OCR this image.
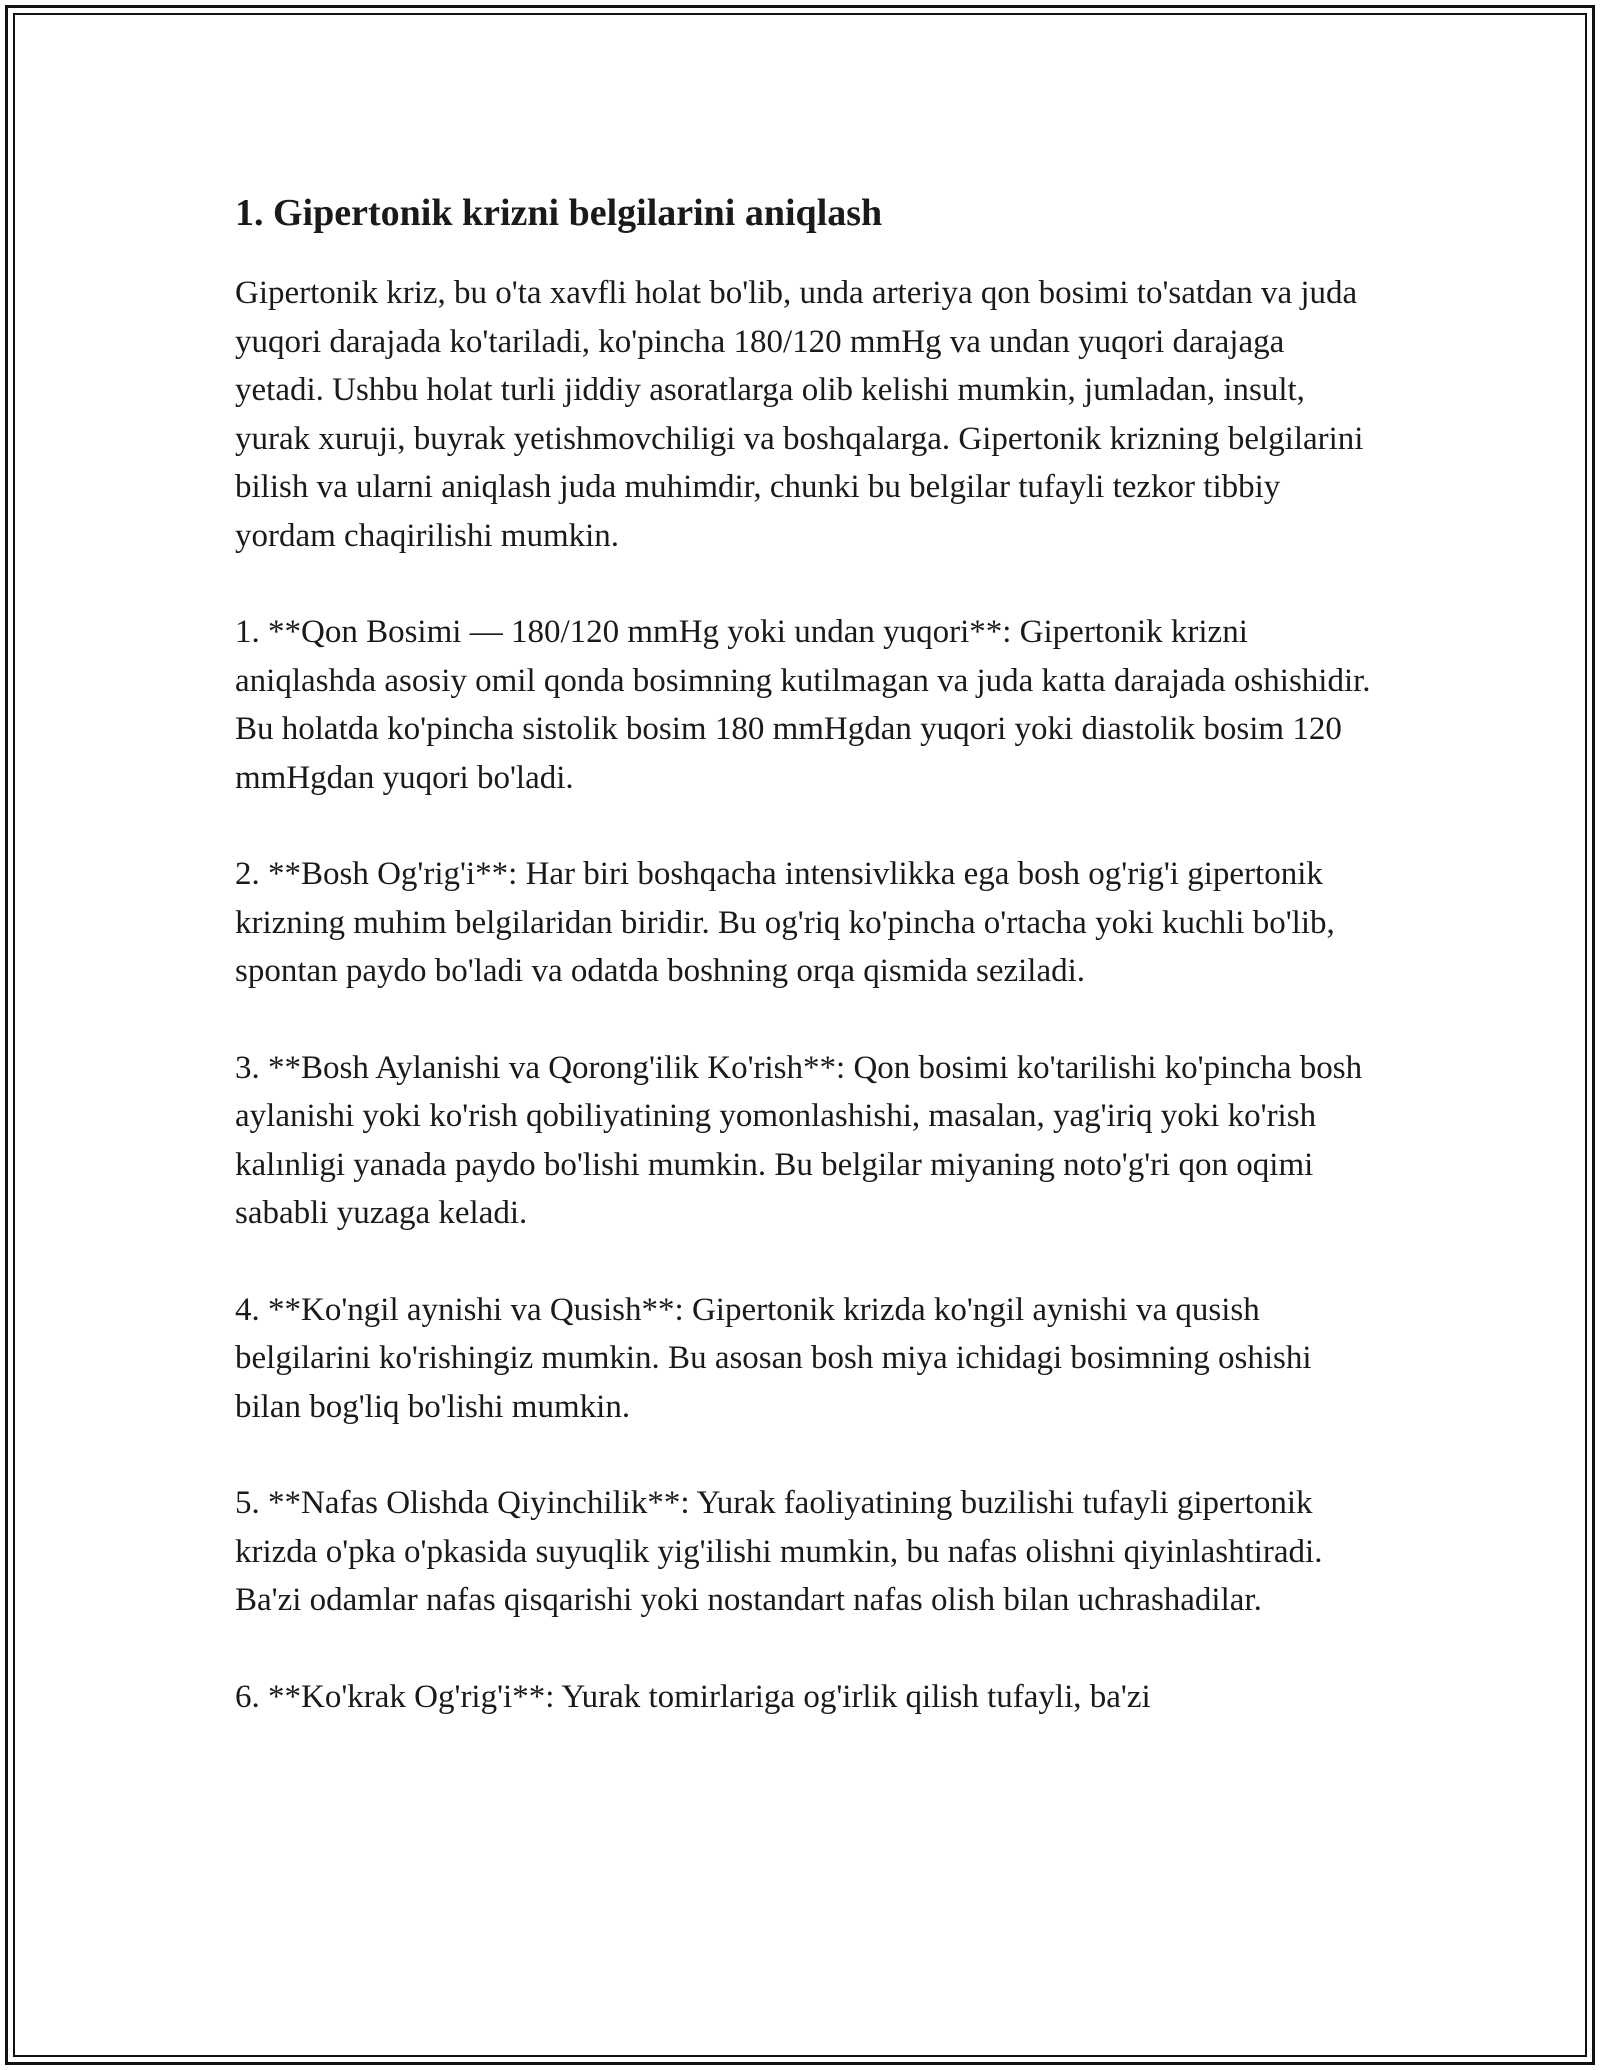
1. Gipertonik krizni belgilarini aniqlash

Gipertonik kriz, bu o'ta xavfli holat bo'lib, unda arteriya qon bosimi to'satdan va juda yuqori darajada ko'tariladi, ko'pincha 180/120 mmHg va undan yuqori darajaga yetadi. Ushbu holat turli jiddiy asoratlarga olib kelishi mumkin, jumladan, insult, yurak xuruji, buyrak yetishmovchiligi va boshqalarga. Gipertonik krizning belgilarini bilish va ularni aniqlash juda muhimdir, chunki bu belgilar tufayli tezkor tibbiy yordam chaqirilishi mumkin.

1. **Qon Bosimi — 180/120 mmHg yoki undan yuqori**: Gipertonik krizni aniqlashda asosiy omil qonda bosimning kutilmagan va juda katta darajada oshishidir. Bu holatda ko'pincha sistolik bosim 180 mmHgdan yuqori yoki diastolik bosim 120 mmHgdan yuqori bo'ladi.

2. **Bosh Og'rig'i**: Har biri boshqacha intensivlikka ega bosh og'rig'i gipertonik krizning muhim belgilaridan biridir. Bu og'riq ko'pincha o'rtacha yoki kuchli bo'lib, spontan paydo bo'ladi va odatda boshning orqa qismida seziladi.

3. **Bosh Aylanishi va Qorong'ilik Ko'rish**: Qon bosimi ko'tarilishi ko'pincha bosh aylanishi yoki ko'rish qobiliyatining yomonlashishi, masalan, yag'iriq yoki ko'rish kalınligi yanada paydo bo'lishi mumkin. Bu belgilar miyaning noto'g'ri qon oqimi sababli yuzaga keladi.

4. **Ko'ngil aynishi va Qusish**: Gipertonik krizda ko'ngil aynishi va qusish belgilarini ko'rishingiz mumkin. Bu asosan bosh miya ichidagi bosimning oshishi bilan bog'liq bo'lishi mumkin.

5. **Nafas Olishda Qiyinchilik**: Yurak faoliyatining buzilishi tufayli gipertonik krizda o'pka o'pkasida suyuqlik yig'ilishi mumkin, bu nafas olishni qiyinlashtiradi. Ba'zi odamlar nafas qisqarishi yoki nostandart nafas olish bilan uchrashadilar.

6. **Ko'krak Og'rig'i**: Yurak tomirlariga og'irlik qilish tufayli, ba'zi
